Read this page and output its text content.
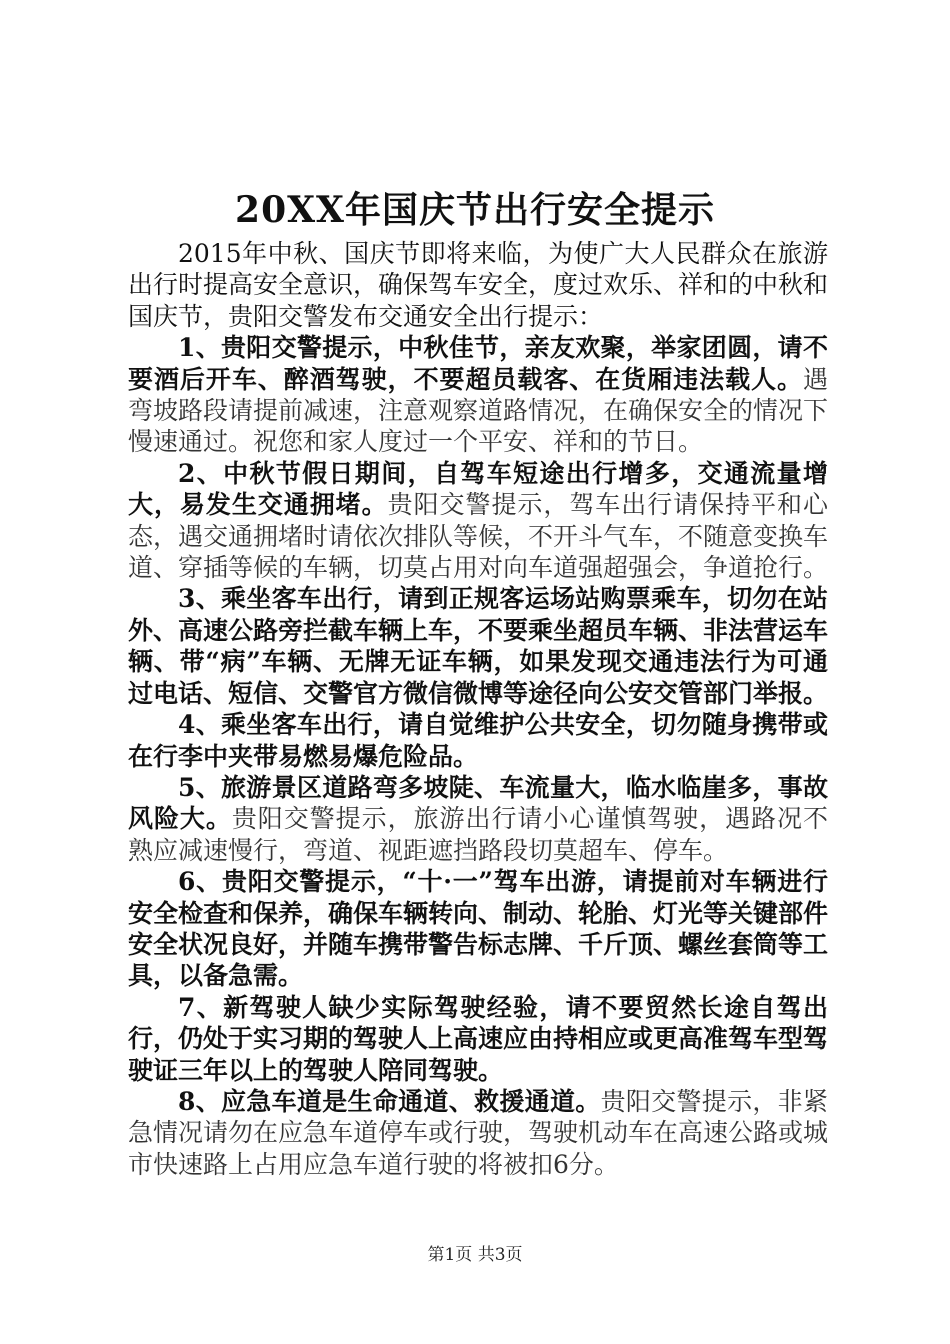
20XX年国庆节出行安全提示

2015年中秋、国庆节即将来临，为使广大人民群众在旅游出行时提高安全意识，确保驾车安全，度过欢乐、祥和的中秋和国庆节，贵阳交警发布交通安全出行提示：

1、贵阳交警提示，中秋佳节，亲友欢聚，举家团圆，请不要酒后开车、醉酒驾驶，不要超员载客、在货厢违法载人。遇弯坡路段请提前减速，注意观察道路情况，在确保安全的情况下慢速通过。祝您和家人度过一个平安、祥和的节日。

2、中秋节假日期间，自驾车短途出行增多，交通流量增大，易发生交通拥堵。贵阳交警提示，驾车出行请保持平和心态，遇交通拥堵时请依次排队等候，不开斗气车，不随意变换车道、穿插等候的车辆，切莫占用对向车道强超强会，争道抢行。

3、乘坐客车出行，请到正规客运场站购票乘车，切勿在站外、高速公路旁拦截车辆上车，不要乘坐超员车辆、非法营运车辆、带“病”车辆、无牌无证车辆，如果发现交通违法行为可通过电话、短信、交警官方微信微博等途径向公安交管部门举报。

4、乘坐客车出行，请自觉维护公共安全，切勿随身携带或在行李中夹带易燃易爆危险品。

5、旅游景区道路弯多坡陡、车流量大，临水临崖多，事故风险大。贵阳交警提示，旅游出行请小心谨慎驾驶，遇路况不熟应减速慢行，弯道、视距遮挡路段切莫超车、停车。

6、贵阳交警提示，“十·一”驾车出游，请提前对车辆进行安全检查和保养，确保车辆转向、制动、轮胎、灯光等关键部件安全状况良好，并随车携带警告标志牌、千斤顶、螺丝套筒等工具，以备急需。

7、新驾驶人缺少实际驾驶经验，请不要贸然长途自驾出行，仍处于实习期的驾驶人上高速应由持相应或更高准驾车型驾驶证三年以上的驾驶人陪同驾驶。

8、应急车道是生命通道、救援通道。贵阳交警提示，非紧急情况请勿在应急车道停车或行驶，驾驶机动车在高速公路或城市快速路上占用应急车道行驶的将被扣6分。

第1页 共3页
